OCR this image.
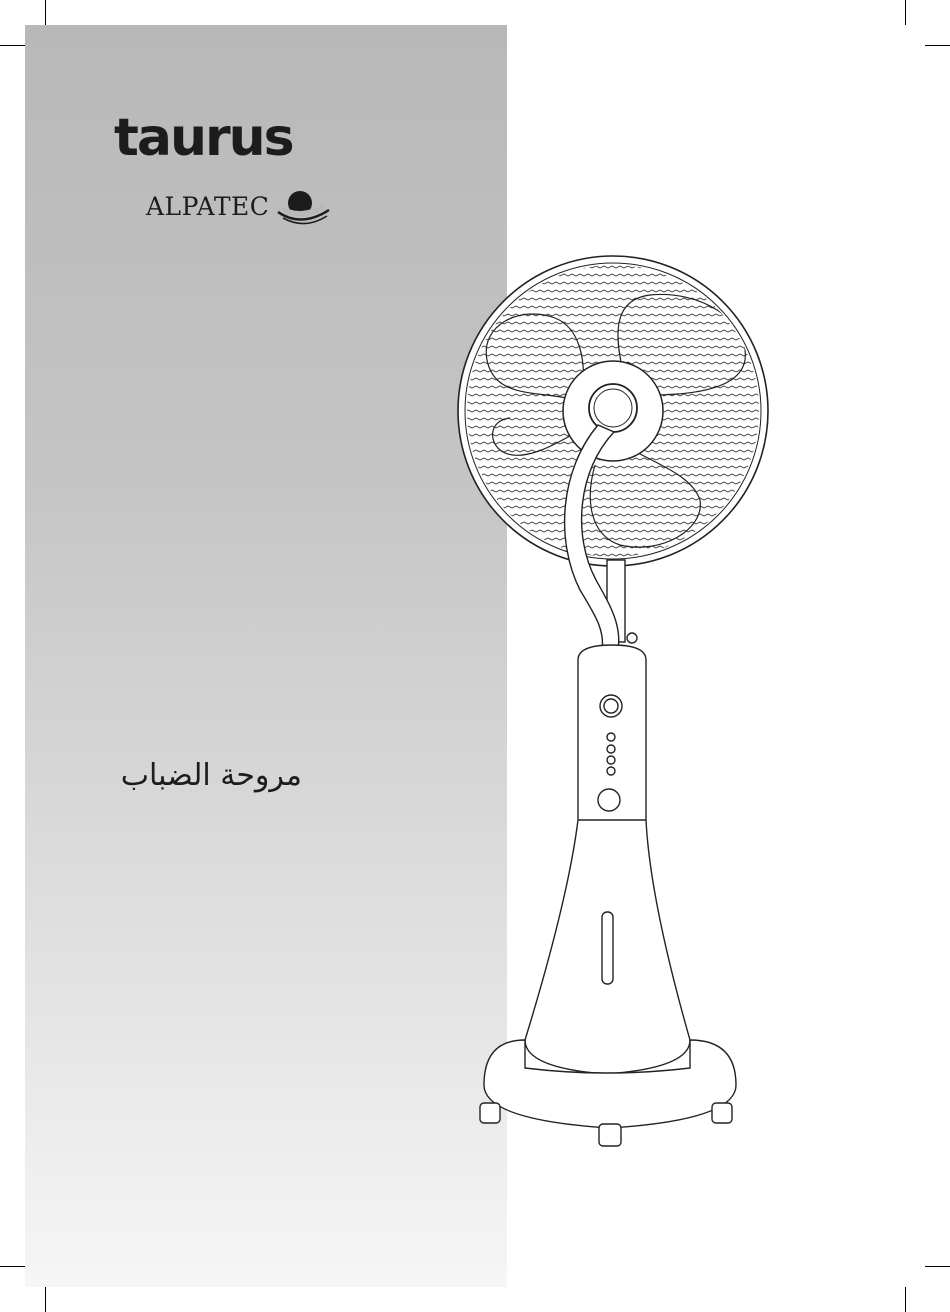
taurus
ALPATEC
مروحة الضباب
